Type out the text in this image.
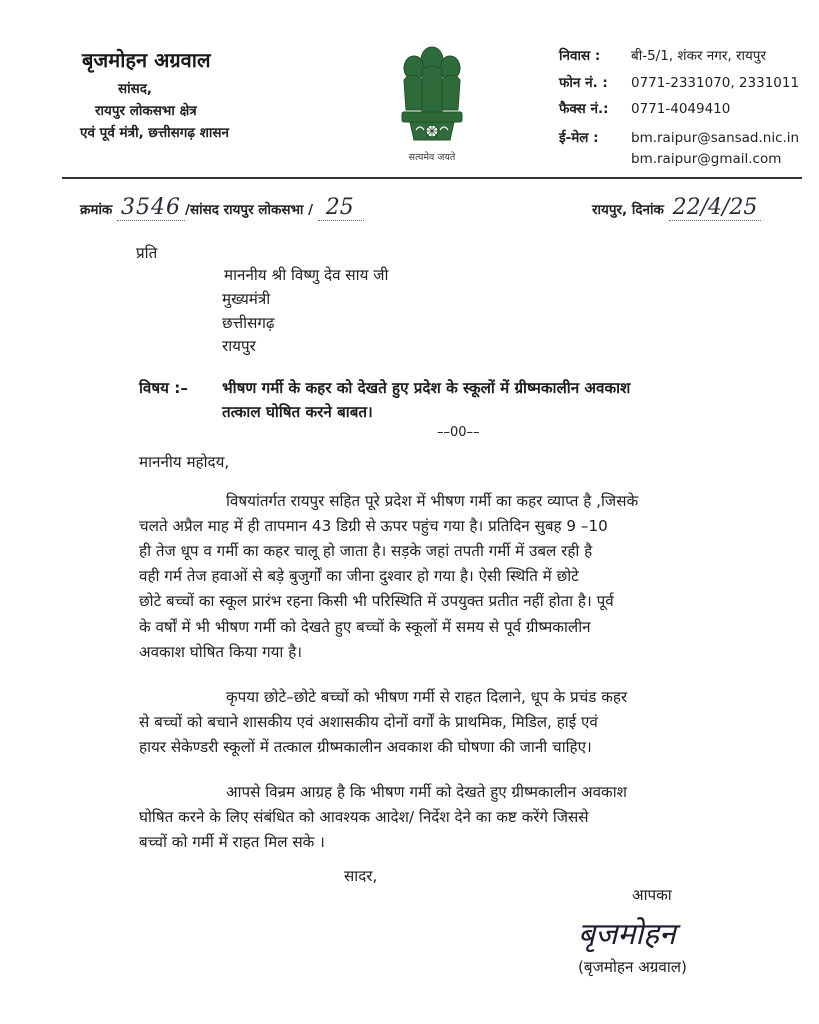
बृजमोहन अग्रवाल
सांसद,
रायपुर लोकसभा क्षेत्र
एवं पूर्व मंत्री, छत्तीसगढ़ शासन
सत्यमेव जयते
निवास : बी-5/1, शंकर नगर, रायपुर
फोन नं. : 0771-2331070, 2331011
फैक्स नं.: 0771-4049410
ई-मेल : bm.raipur@sansad.nic.in
bm.raipur@gmail.com
क्रमांक 3546 /सांसद रायपुर लोकसभा / 25	रायपुर, दिनांक 22/4/25
प्रति
माननीय श्री विष्णु देव साय जी
मुख्यमंत्री
छत्तीसगढ़
रायपुर
विषय :– भीषण गर्मी के कहर को देखते हुए प्रदेश के स्कूलों में ग्रीष्मकालीन अवकाश
तत्काल घोषित करने बाबत।
––00––
माननीय महोदय,
विषयांतर्गत रायपुर सहित पूरे प्रदेश में भीषण गर्मी का कहर व्याप्त है ,जिसके
चलते अप्रैल माह में ही तापमान 43 डिग्री से ऊपर पहुंच गया है। प्रतिदिन सुबह 9 –10
ही तेज धूप व गर्मी का कहर चालू हो जाता है। सड़के जहां तपती गर्मी में उबल रही है
वही गर्म तेज हवाओं से बड़े बुजुर्गों का जीना दुश्वार हो गया है। ऐसी स्थिति में छोटे
छोटे बच्चों का स्कूल प्रारंभ रहना किसी भी परिस्थिति में उपयुक्त प्रतीत नहीं होता है। पूर्व
के वर्षों में भी भीषण गर्मी को देखते हुए बच्चों के स्कूलों में समय से पूर्व ग्रीष्मकालीन
अवकाश घोषित किया गया है।
कृपया छोटे–छोटे बच्चों को भीषण गर्मी से राहत दिलाने, धूप के प्रचंड कहर
से बच्चों को बचाने शासकीय एवं अशासकीय दोनों वर्गों के प्राथमिक, मिडिल, हाई एवं
हायर सेकेण्डरी स्कूलों में तत्काल ग्रीष्मकालीन अवकाश की घोषणा की जानी चाहिए।
आपसे विन्रम आग्रह है कि भीषण गर्मी को देखते हुए ग्रीष्मकालीन अवकाश
घोषित करने के लिए संबंधित को आवश्यक आदेश/ निर्देश देने का कष्ट करेंगे जिससे
बच्चों को गर्मी में राहत मिल सके ।
सादर,
आपका
बृजमोहन
(बृजमोहन अग्रवाल)
